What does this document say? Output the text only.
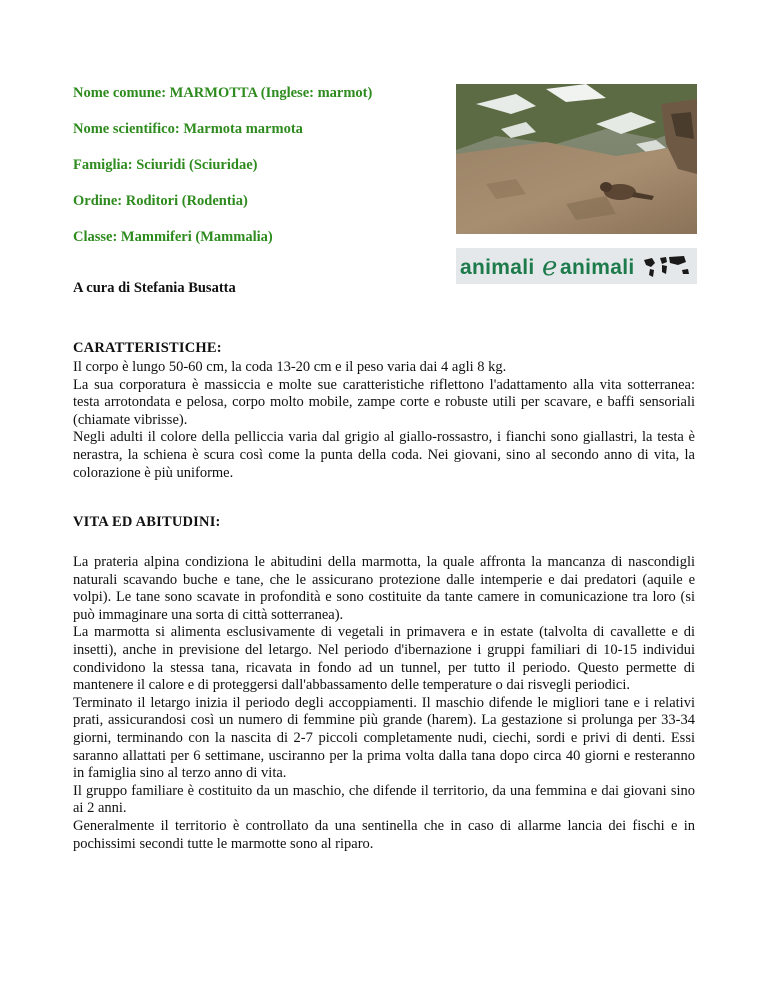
Nome comune: MARMOTTA (Inglese: marmot)

Nome scientifico: Marmota marmota

Famiglia: Sciuridi (Sciuridae)

Ordine: Roditori (Rodentia)

Classe: Mammiferi (Mammalia)

animali e animali
A cura di Stefania Busatta
CARATTERISTICHE:

Il corpo è lungo 50-60 cm, la coda 13-20 cm e il peso varia dai 4 agli 8 kg.

La sua corporatura è massiccia e molte sue caratteristiche riflettono l'adattamento alla vita sotterranea: testa arrotondata e pelosa, corpo molto mobile, zampe corte e robuste utili per scavare, e baffi sensoriali (chiamate vibrisse).

Negli adulti il colore della pelliccia varia dal grigio al giallo-rossastro, i fianchi sono giallastri, la testa è nerastra, la schiena è scura così come la punta della coda. Nei giovani, sino al secondo anno di vita, la colorazione è più uniforme.

VITA ED ABITUDINI:

La prateria alpina condiziona le abitudini della marmotta, la quale affronta la mancanza di nascondigli naturali scavando buche e tane, che le assicurano protezione dalle intemperie e dai predatori (aquile e volpi). Le tane sono scavate in profondità e sono costituite da tante camere in comunicazione tra loro (si può immaginare una sorta di città sotterranea).

La marmotta si alimenta esclusivamente di vegetali in primavera e in estate (talvolta di cavallette e di insetti), anche in previsione del letargo. Nel periodo d'ibernazione i gruppi familiari di 10-15 individui condividono la stessa tana, ricavata in fondo ad un tunnel, per tutto il periodo. Questo permette di mantenere il calore e di proteggersi dall'abbassamento delle temperature o dai risvegli periodici.

Terminato il letargo inizia il periodo degli accoppiamenti. Il maschio difende le migliori tane e i relativi prati, assicurandosi così un numero di femmine più grande (harem). La gestazione si prolunga per 33-34 giorni, terminando con la nascita di 2-7 piccoli completamente nudi, ciechi, sordi e privi di denti. Essi saranno allattati per 6 settimane, usciranno per la prima volta dalla tana dopo circa 40 giorni e resteranno in famiglia sino al terzo anno di vita.

Il gruppo familiare è costituito da un maschio, che difende il territorio, da una femmina e dai giovani sino ai 2 anni.

Generalmente il territorio è controllato da una sentinella che in caso di allarme lancia dei fischi e in pochissimi secondi tutte le marmotte sono al riparo.
